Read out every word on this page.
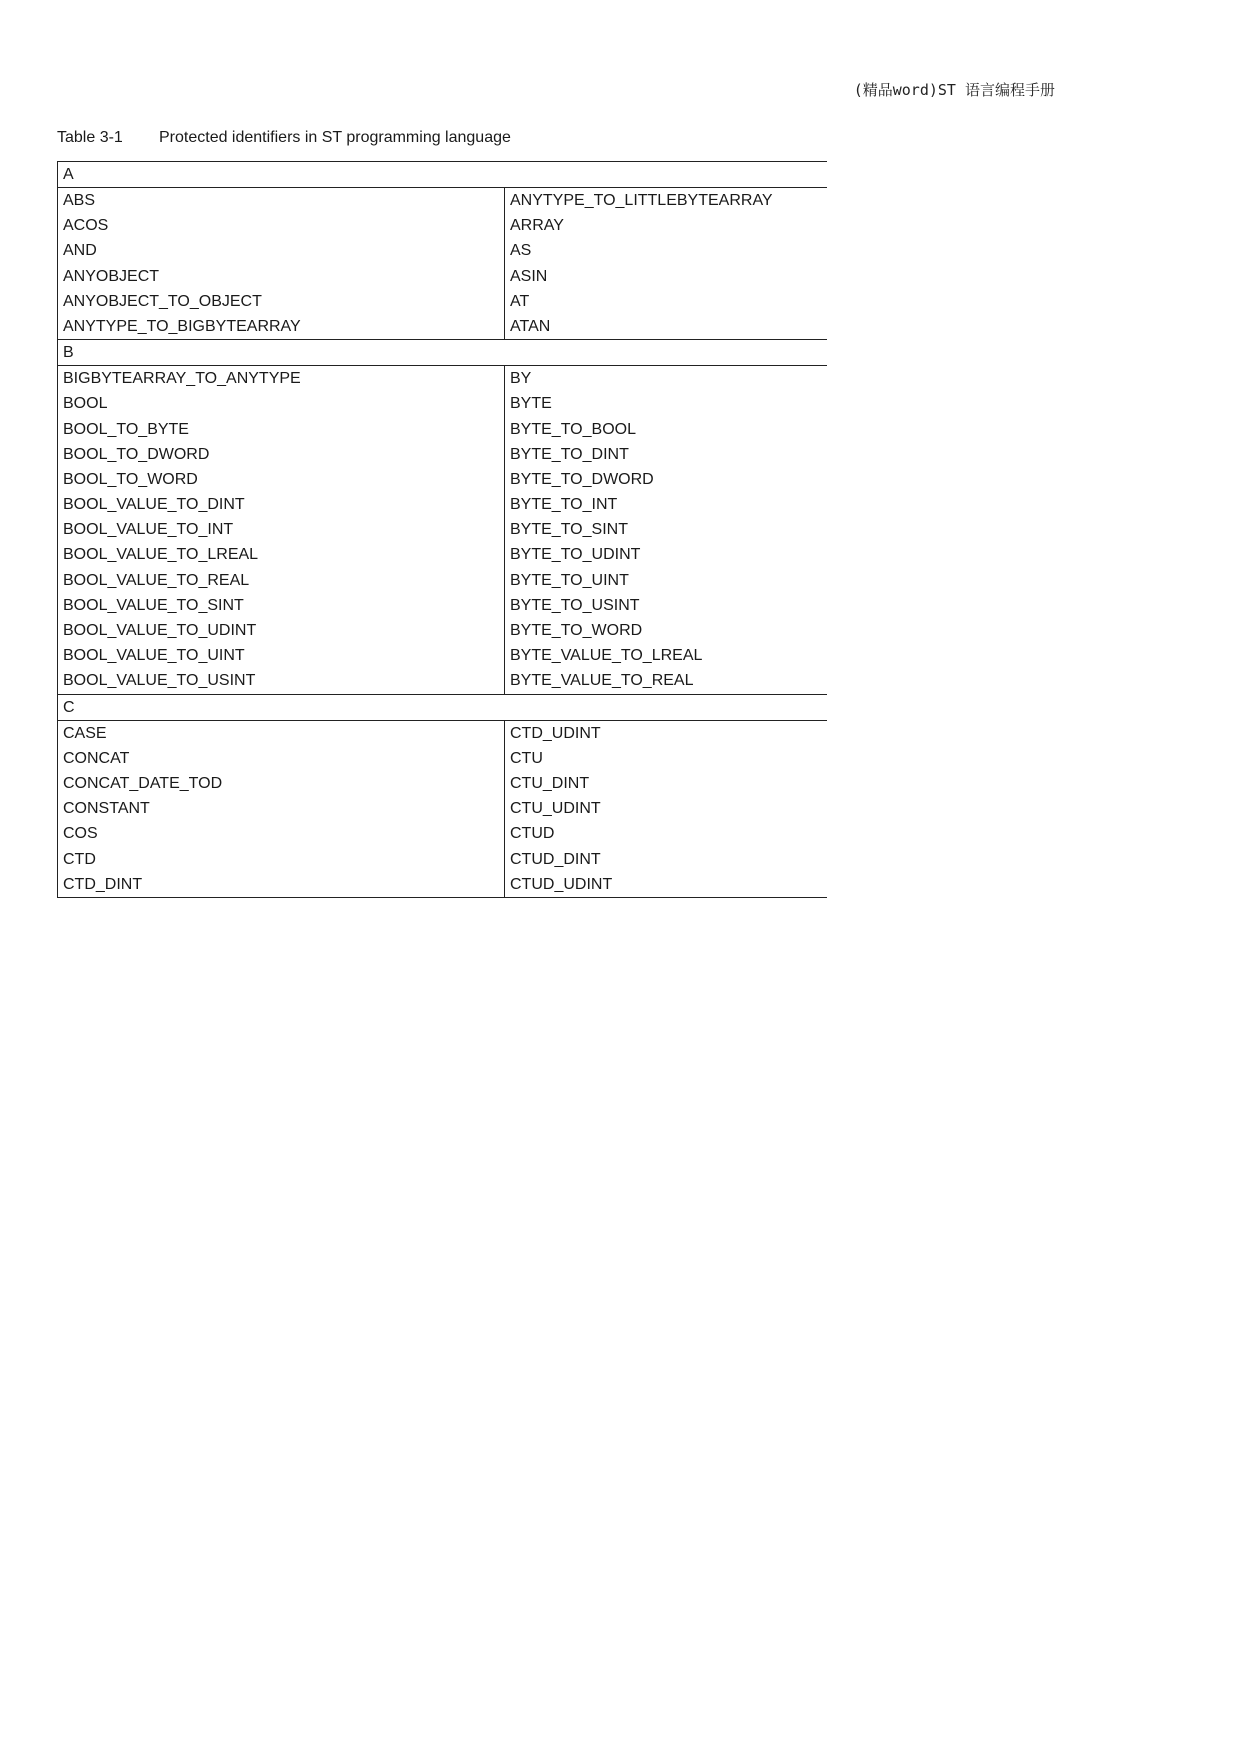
(精品word)ST 语言编程手册
Table 3-1 Protected identifiers in ST programming language
A
ABS	ANYTYPE_TO_LITTLEBYTEARRAY
ACOS	ARRAY
AND	AS
ANYOBJECT	ASIN
ANYOBJECT_TO_OBJECT	AT
ANYTYPE_TO_BIGBYTEARRAY	ATAN
B
BIGBYTEARRAY_TO_ANYTYPE	BY
BOOL	BYTE
BOOL_TO_BYTE	BYTE_TO_BOOL
BOOL_TO_DWORD	BYTE_TO_DINT
BOOL_TO_WORD	BYTE_TO_DWORD
BOOL_VALUE_TO_DINT	BYTE_TO_INT
BOOL_VALUE_TO_INT	BYTE_TO_SINT
BOOL_VALUE_TO_LREAL	BYTE_TO_UDINT
BOOL_VALUE_TO_REAL	BYTE_TO_UINT
BOOL_VALUE_TO_SINT	BYTE_TO_USINT
BOOL_VALUE_TO_UDINT	BYTE_TO_WORD
BOOL_VALUE_TO_UINT	BYTE_VALUE_TO_LREAL
BOOL_VALUE_TO_USINT	BYTE_VALUE_TO_REAL
C
CASE	CTD_UDINT
CONCAT	CTU
CONCAT_DATE_TOD	CTU_DINT
CONSTANT	CTU_UDINT
COS	CTUD
CTD	CTUD_DINT
CTD_DINT	CTUD_UDINT
